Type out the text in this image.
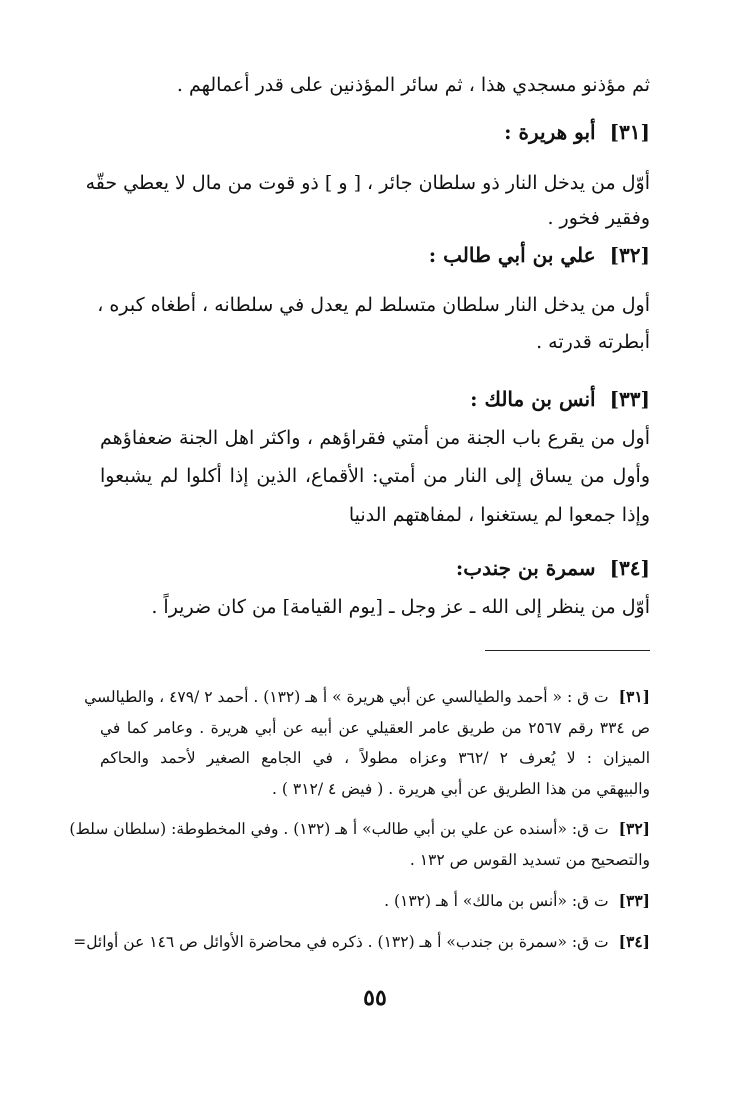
ثم مؤذنو مسجدي هذا ، ثم سائر المؤذنين على قدر أعمالهم .
[٣١]أبو هريرة :
أوّل من يدخل النار ذو سلطان جائر ، [ و ] ذو قوت من مال لا يعطي حقّه
وفقير فخور .
[٣٢]علي بن أبي طالب :
أول من يدخل النار سلطان متسلط لم يعدل في سلطانه ، أطغاه كبره ،
أبطرته قدرته .
[٣٣]أنس بن مالك :
أول من يقرع باب الجنة من أمتي فقراؤهم ، واكثر اهل الجنة ضعفاؤهم
وأول من يساق إلى النار من أمتي: الأقماع، الذين إذا أكلوا لم يشبعوا
وإذا جمعوا لم يستغنوا ، لمفاهتهم الدنيا
[٣٤]سمرة بن جندب:
أوّل من ينظر إلى الله ـ عز وجل ـ [يوم القيامة] من كان ضريراً .
[٣١]ت ق : « أحمد والطيالسي عن أبي هريرة » أ هـ (١٣٢) . أحمد ٢ /٤٧٩ ، والطيالسي
ص ٣٣٤ رقم ٢٥٦٧ من طريق عامر العقيلي عن أبيه عن أبي هريرة . وعامر كما في
الميزان : لا يُعرف ٢ /٣٦٢ وعزاه مطولاً ، في الجامع الصغير لأحمد والحاكم
والبيهقي من هذا الطريق عن أبي هريرة . ( فيض ٤ /٣١٢ ) .
[٣٢]ت ق: «أسنده عن علي بن أبي طالب» أ هـ (١٣٢) . وفي المخطوطة: (سلطان سلط)
والتصحيح من تسديد القوس ص ١٣٢ .
[٣٣]ت ق: «أنس بن مالك» أ هـ (١٣٢) .
[٣٤]ت ق: «سمرة بن جندب» أ هـ (١٣٢) . ذكره في محاضرة الأوائل ص ١٤٦ عن أوائل=
٥٥
